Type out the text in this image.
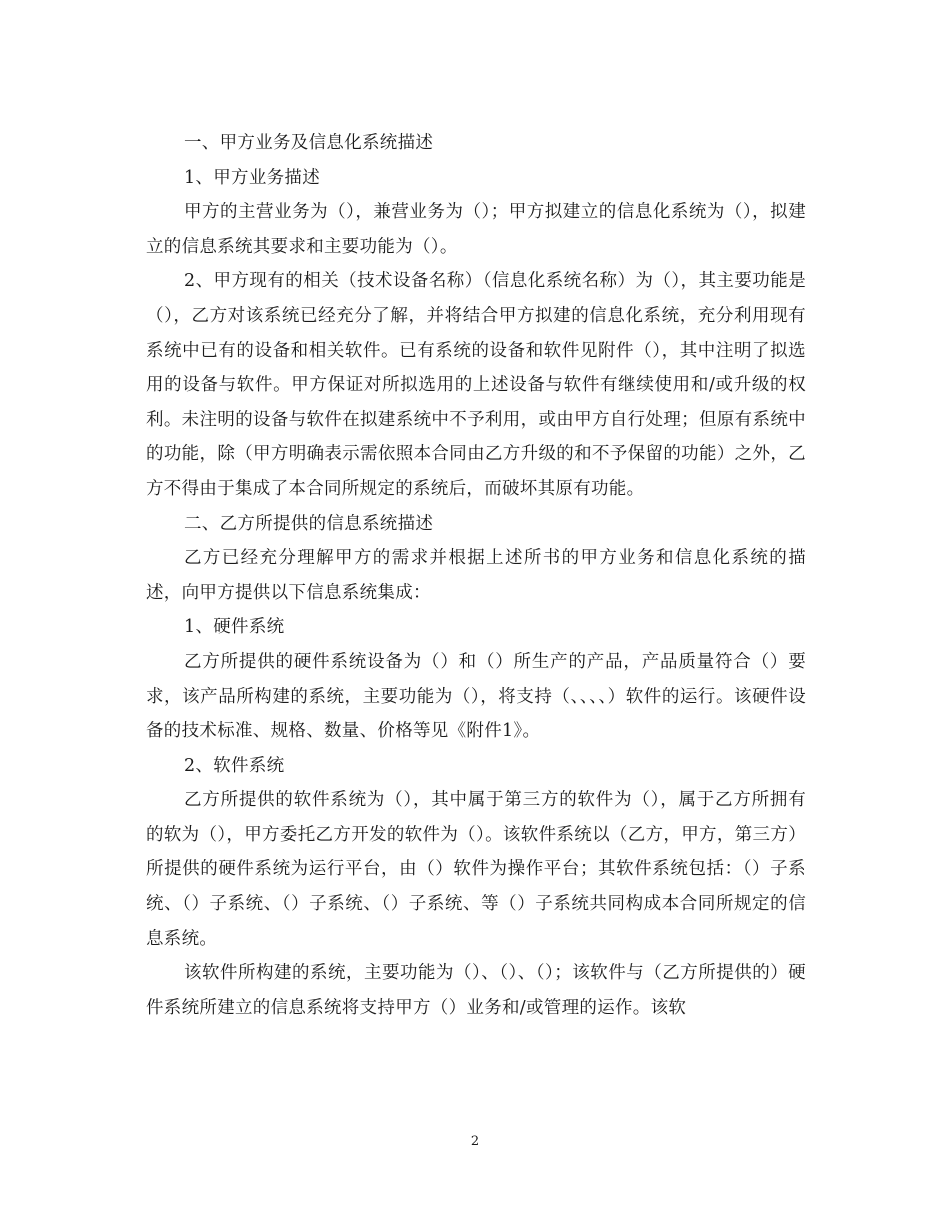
一、甲方业务及信息化系统描述

1、甲方业务描述

甲方的主营业务为（），兼营业务为（）；甲方拟建立的信息化系统为（），拟建立的信息系统其要求和主要功能为（）。

2、甲方现有的相关（技术设备名称）（信息化系统名称）为（），其主要功能是（），乙方对该系统已经充分了解，并将结合甲方拟建的信息化系统，充分利用现有系统中已有的设备和相关软件。已有系统的设备和软件见附件（），其中注明了拟选用的设备与软件。甲方保证对所拟选用的上述设备与软件有继续使用和/或升级的权利。未注明的设备与软件在拟建系统中不予利用，或由甲方自行处理；但原有系统中的功能，除（甲方明确表示需依照本合同由乙方升级的和不予保留的功能）之外，乙方不得由于集成了本合同所规定的系统后，而破坏其原有功能。

二、乙方所提供的信息系统描述

乙方已经充分理解甲方的需求并根据上述所书的甲方业务和信息化系统的描述，向甲方提供以下信息系统集成：

1、硬件系统

乙方所提供的硬件系统设备为（）和（）所生产的产品，产品质量符合（）要求，该产品所构建的系统，主要功能为（），将支持（、、、、）软件的运行。该硬件设备的技术标准、规格、数量、价格等见《附件1》。

2、软件系统

乙方所提供的软件系统为（），其中属于第三方的软件为（），属于乙方所拥有的软为（），甲方委托乙方开发的软件为（）。该软件系统以（乙方，甲方，第三方）所提供的硬件系统为运行平台，由（）软件为操作平台；其软件系统包括：（）子系统、（）子系统、（）子系统、（）子系统、等（）子系统共同构成本合同所规定的信息系统。

该软件所构建的系统，主要功能为（）、（）、（）；该软件与（乙方所提供的）硬件系统所建立的信息系统将支持甲方（）业务和/或管理的运作。该软

2
